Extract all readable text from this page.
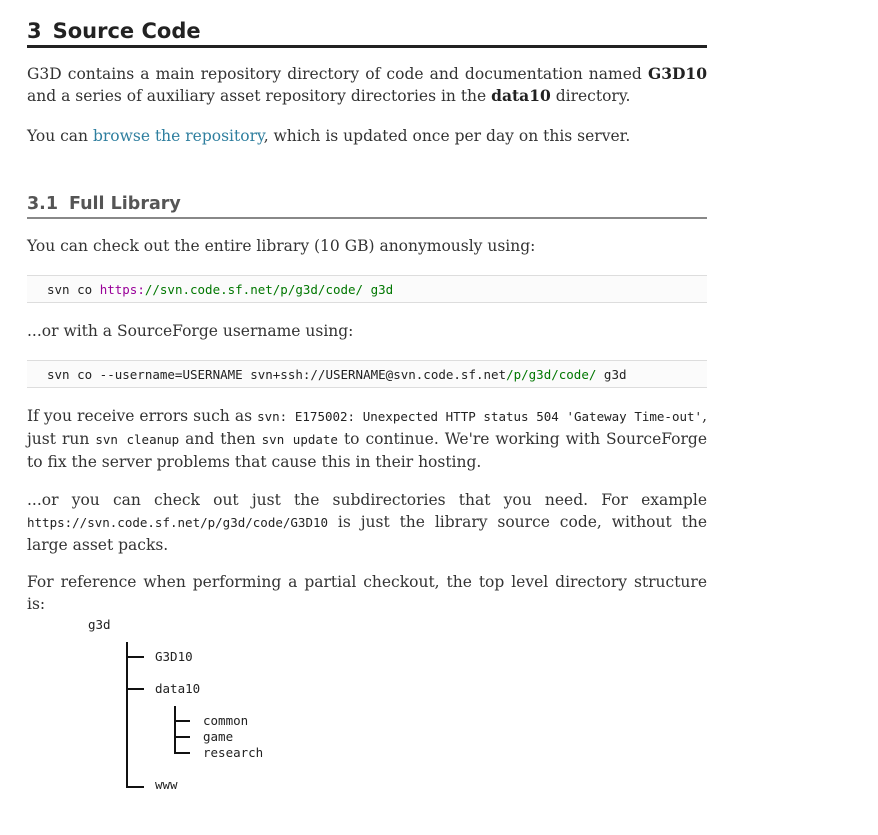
3 Source Code

G3D contains a main repository directory of code and documentation named G3D10 and a series of auxiliary asset repository directories in the data10 directory.

You can browse the repository, which is updated once per day on this server.

3.1 Full Library

You can check out the entire library (10 GB) anonymously using:

svn co https://svn.code.sf.net/p/g3d/code/ g3d

...or with a SourceForge username using:

svn co --username=USERNAME svn+ssh://USERNAME@svn.code.sf.net/p/g3d/code/ g3d

If you receive errors such as svn: E175002: Unexpected HTTP status 504 'Gateway Time-out', just run svn cleanup and then svn update to continue. We're working with SourceForge to fix the server problems that cause this in their hosting.

...or you can check out just the subdirectories that you need. For example https://svn.code.sf.net/p/g3d/code/G3D10 is just the library source code, without the large asset packs.

For reference when performing a partial checkout, the top level directory structure is:

g3d
G3D10
data10
www
common
game
research
